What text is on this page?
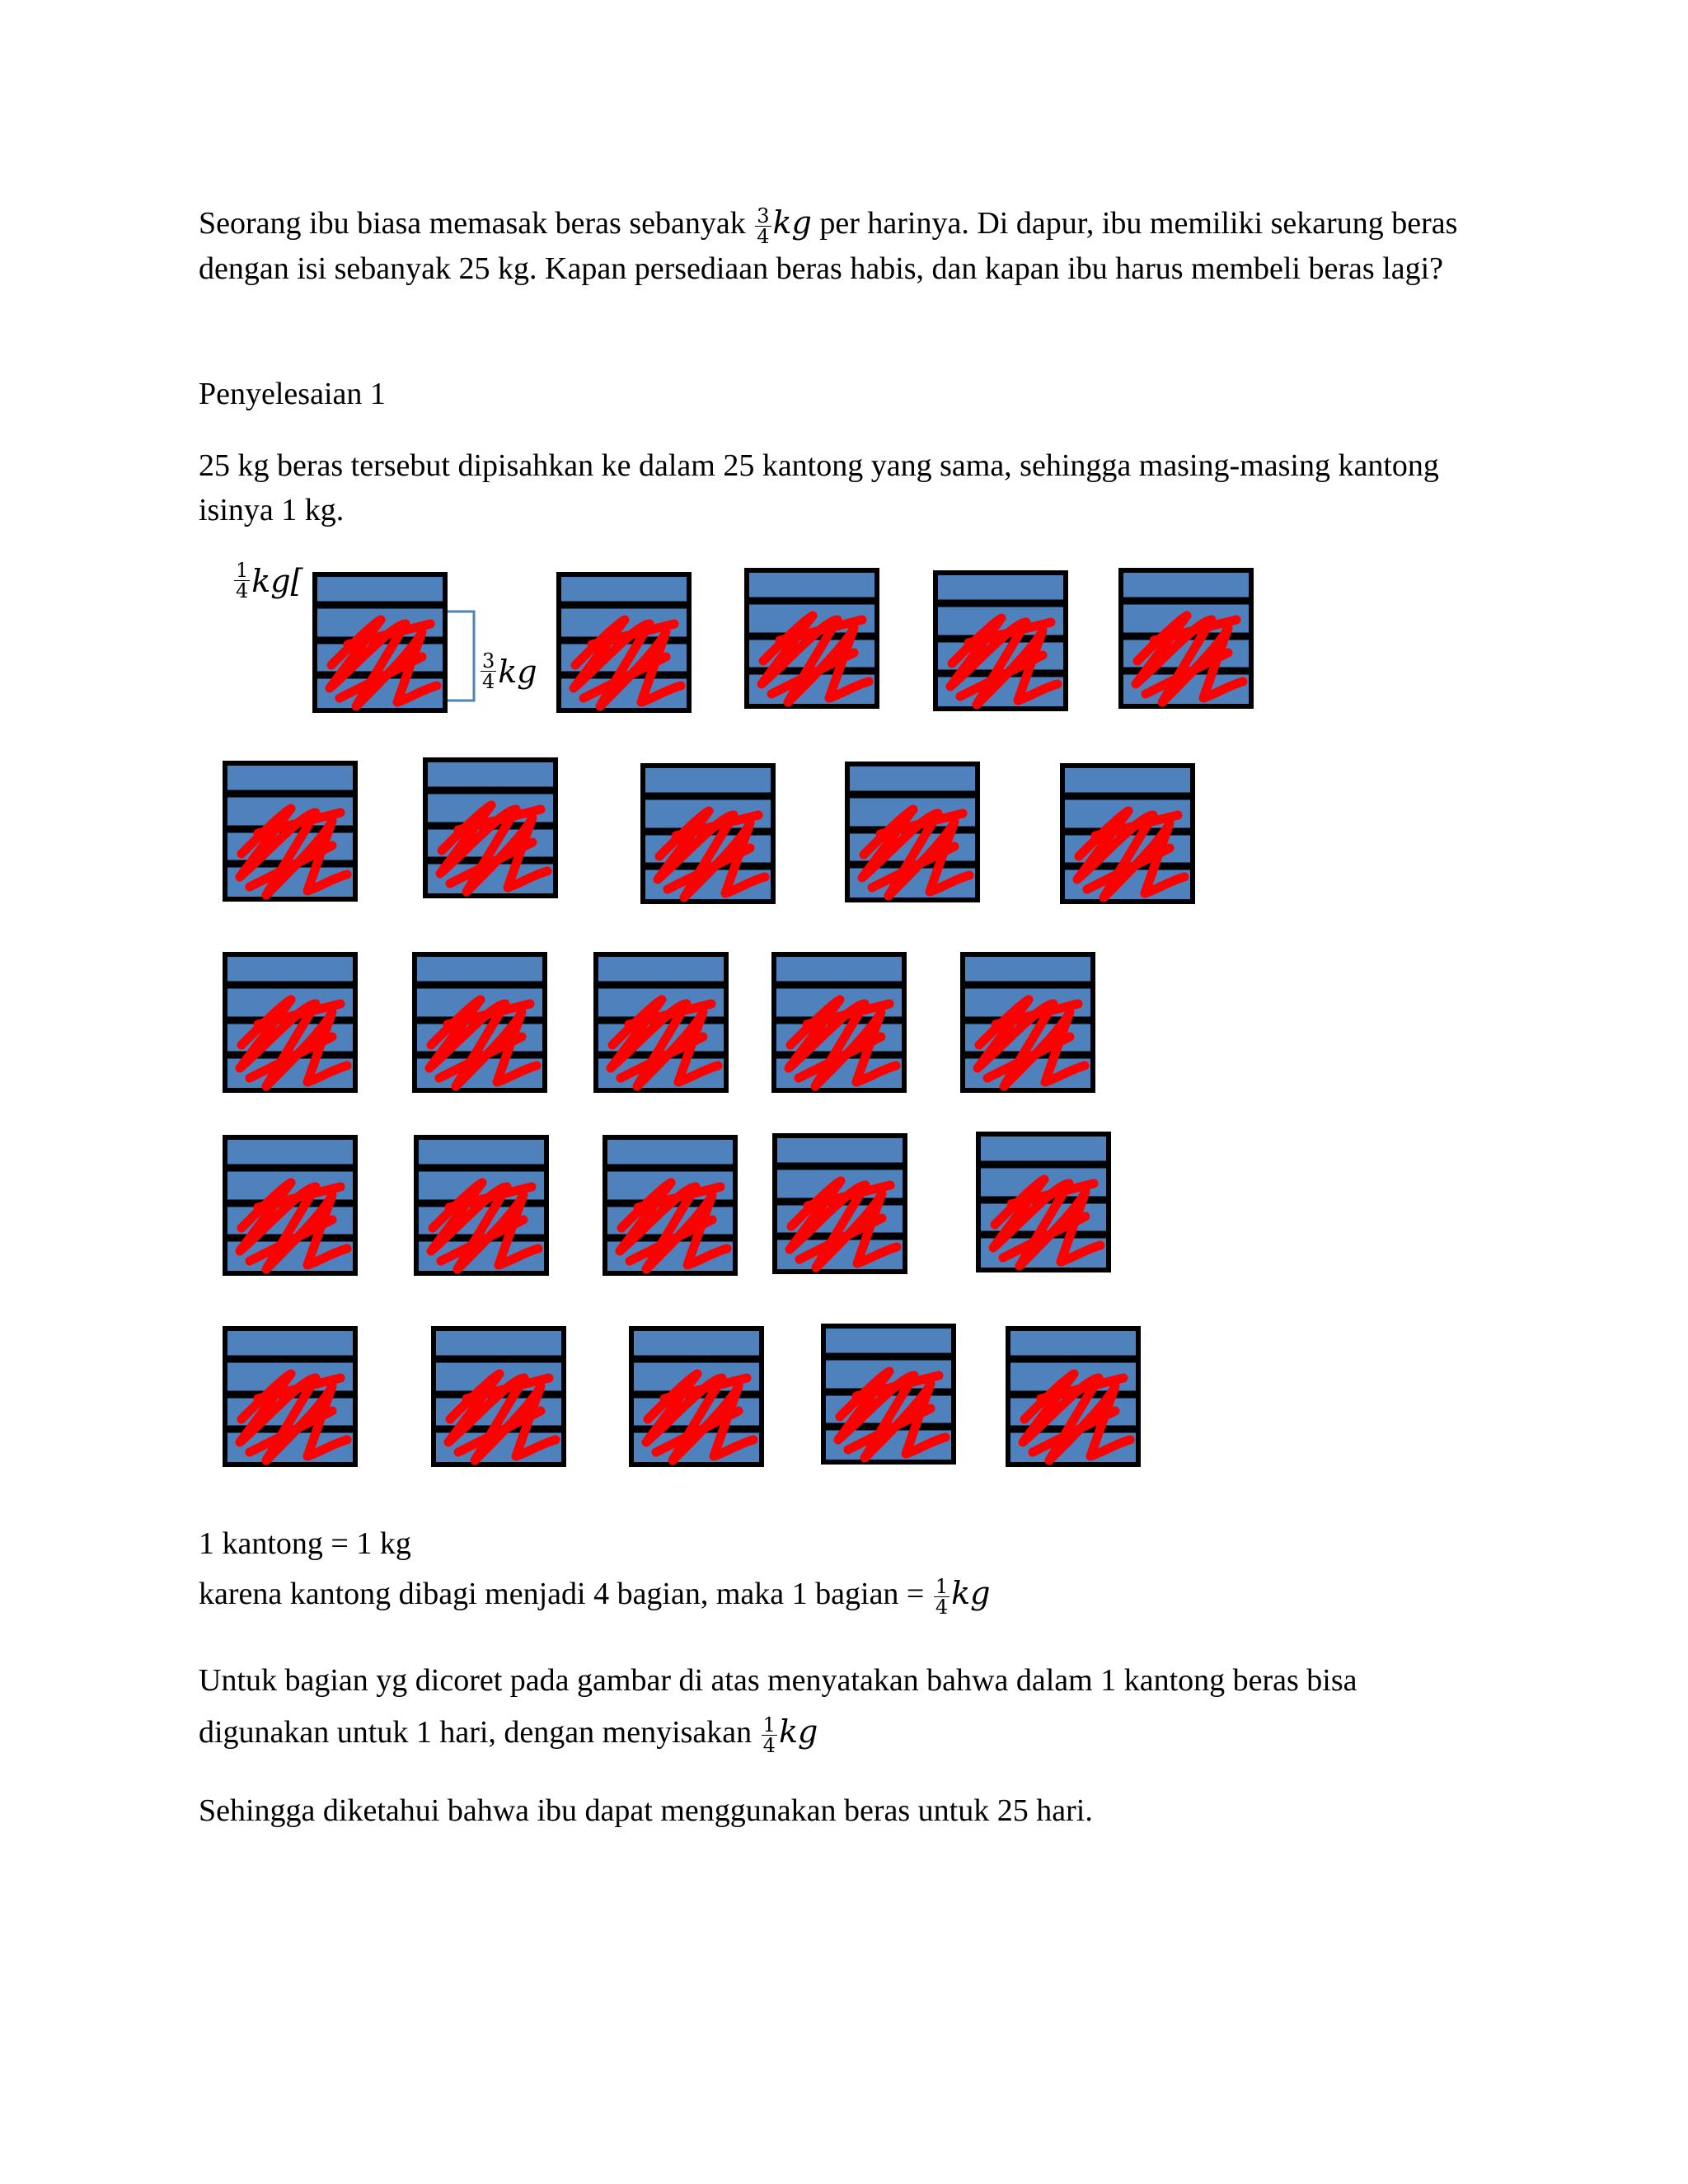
Seorang ibu biasa memasak beras sebanyak $\frac{3}{4}$ kg per harinya. Di dapur, ibu memiliki sekarung beras dengan isi sebanyak 25 kg. Kapan persediaan beras habis, dan kapan ibu harus membeli beras lagi?

Penyelesaian 1

25 kg beras tersebut dipisahkan ke dalam 25 kantong yang sama, sehingga masing-masing kantong isinya 1 kg.

$\frac{1}{4} kg$[
$\frac{3}{4}$ kg

1 kantong = 1 kg

karena kantong dibagi menjadi 4 bagian, maka 1 bagian = $\frac{1}{4}$ kg

Untuk bagian yg dicoret pada gambar di atas menyatakan bahwa dalam 1 kantong beras bisa digunakan untuk 1 hari, dengan menyisakan $\frac{1}{4}$ kg

Sehingga diketahui bahwa ibu dapat menggunakan beras untuk 25 hari.
